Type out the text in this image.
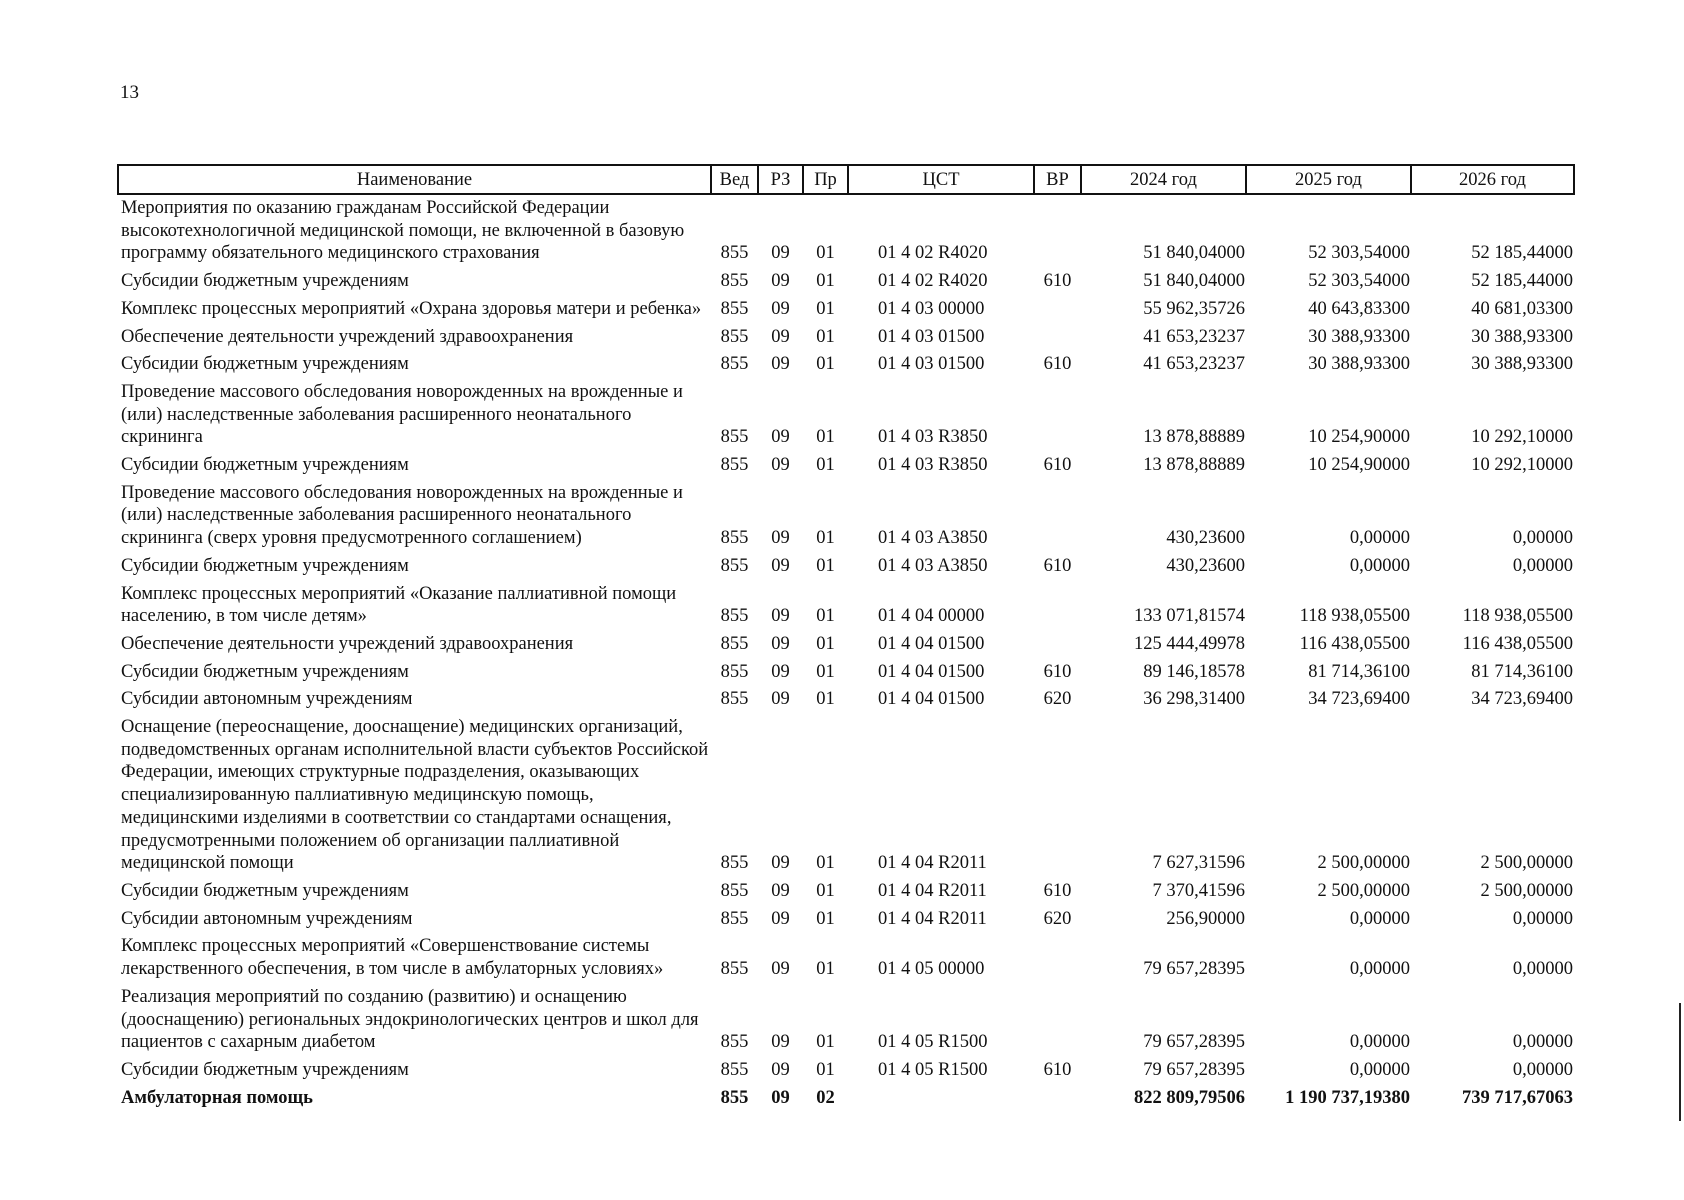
13
Наименование	Вед	РЗ	Пр	ЦСТ	ВР	2024 год	2025 год	2026 год
Мероприятия по оказанию гражданам Российской Федерации высокотехнологичной медицинской помощи, не включенной в базовую программу обязательного медицинского страхования	855	09	01	01 4 02 R4020		51 840,04000	52 303,54000	52 185,44000
Субсидии бюджетным учреждениям	855	09	01	01 4 02 R4020	610	51 840,04000	52 303,54000	52 185,44000
Комплекс процессных мероприятий «Охрана здоровья матери и ребенка»	855	09	01	01 4 03 00000		55 962,35726	40 643,83300	40 681,03300
Обеспечение деятельности учреждений здравоохранения	855	09	01	01 4 03 01500		41 653,23237	30 388,93300	30 388,93300
Субсидии бюджетным учреждениям	855	09	01	01 4 03 01500	610	41 653,23237	30 388,93300	30 388,93300
Проведение массового обследования новорожденных на врожденные и (или) наследственные заболевания расширенного неонатального скрининга	855	09	01	01 4 03 R3850		13 878,88889	10 254,90000	10 292,10000
Субсидии бюджетным учреждениям	855	09	01	01 4 03 R3850	610	13 878,88889	10 254,90000	10 292,10000
Проведение массового обследования новорожденных на врожденные и (или) наследственные заболевания расширенного неонатального скрининга (сверх уровня предусмотренного соглашением)	855	09	01	01 4 03 A3850		430,23600	0,00000	0,00000
Субсидии бюджетным учреждениям	855	09	01	01 4 03 A3850	610	430,23600	0,00000	0,00000
Комплекс процессных мероприятий «Оказание паллиативной помощи населению, в том числе детям»	855	09	01	01 4 04 00000		133 071,81574	118 938,05500	118 938,05500
Обеспечение деятельности учреждений здравоохранения	855	09	01	01 4 04 01500		125 444,49978	116 438,05500	116 438,05500
Субсидии бюджетным учреждениям	855	09	01	01 4 04 01500	610	89 146,18578	81 714,36100	81 714,36100
Субсидии автономным учреждениям	855	09	01	01 4 04 01500	620	36 298,31400	34 723,69400	34 723,69400
Оснащение (переоснащение, дооснащение) медицинских организаций, подведомственных органам исполнительной власти субъектов Российской Федерации, имеющих структурные подразделения, оказывающих специализированную паллиативную медицинскую помощь, медицинскими изделиями в соответствии со стандартами оснащения, предусмотренными положением об организации паллиативной медицинской помощи	855	09	01	01 4 04 R2011		7 627,31596	2 500,00000	2 500,00000
Субсидии бюджетным учреждениям	855	09	01	01 4 04 R2011	610	7 370,41596	2 500,00000	2 500,00000
Субсидии автономным учреждениям	855	09	01	01 4 04 R2011	620	256,90000	0,00000	0,00000
Комплекс процессных мероприятий «Совершенствование системы лекарственного обеспечения, в том числе в амбулаторных условиях»	855	09	01	01 4 05 00000		79 657,28395	0,00000	0,00000
Реализация мероприятий по созданию (развитию) и оснащению (дооснащению) региональных эндокринологических центров и школ для пациентов с сахарным диабетом	855	09	01	01 4 05 R1500		79 657,28395	0,00000	0,00000
Субсидии бюджетным учреждениям	855	09	01	01 4 05 R1500	610	79 657,28395	0,00000	0,00000
Амбулаторная помощь	855	09	02			822 809,79506	1 190 737,19380	739 717,67063
